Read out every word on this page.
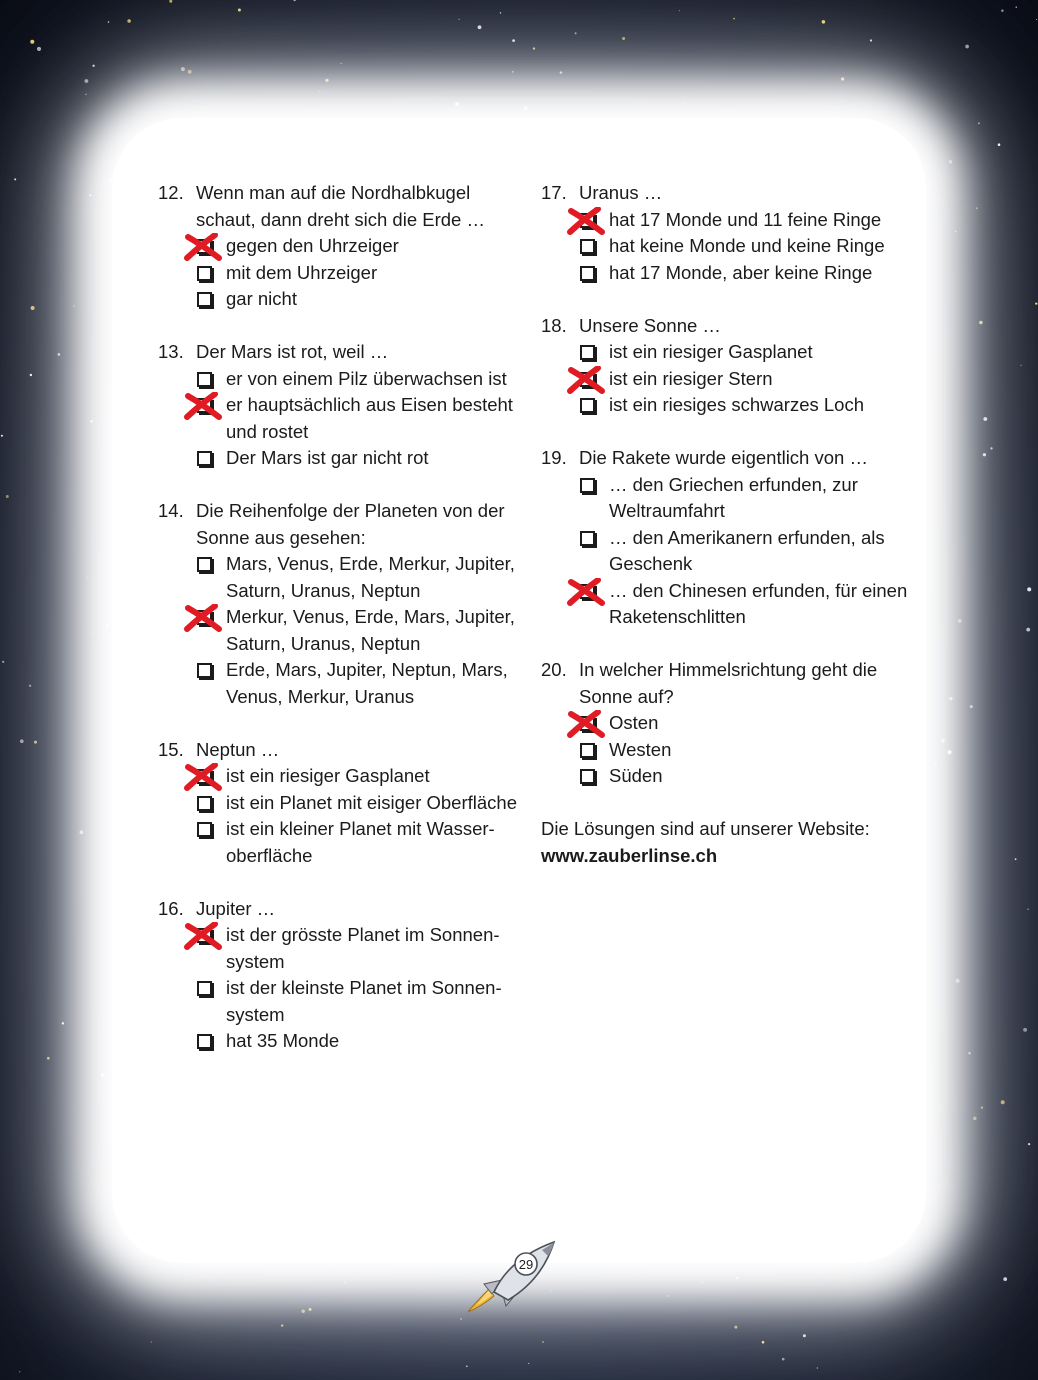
12. Wenn man auf die Nordhalbkugel schaut, dann dreht sich die Erde …
gegen den Uhrzeiger
mit dem Uhrzeiger
gar nicht
13. Der Mars ist rot, weil …
er von einem Pilz überwachsen ist
er hauptsächlich aus Eisen besteht und rostet
Der Mars ist gar nicht rot
14. Die Reihenfolge der Planeten von der Sonne aus gesehen:
Mars, Venus, Erde, Merkur, Jupiter, Saturn, Uranus, Neptun
Merkur, Venus, Erde, Mars, Jupiter, Saturn, Uranus, Neptun
Erde, Mars, Jupiter, Neptun, Mars, Venus, Merkur, Uranus
15. Neptun …
ist ein riesiger Gasplanet
ist ein Planet mit eisiger Oberfläche
ist ein kleiner Planet mit Wasseroberfläche
16. Jupiter …
ist der grösste Planet im Sonnensystem
ist der kleinste Planet im Sonnensystem
hat 35 Monde
17. Uranus …
hat 17 Monde und 11 feine Ringe
hat keine Monde und keine Ringe
hat 17 Monde, aber keine Ringe
18. Unsere Sonne …
ist ein riesiger Gasplanet
ist ein riesiger Stern
ist ein riesiges schwarzes Loch
19. Die Rakete wurde eigentlich von …
… den Griechen erfunden, zur Weltraumfahrt
… den Amerikanern erfunden, als Geschenk
… den Chinesen erfunden, für einen Raketenschlitten
20. In welcher Himmelsrichtung geht die Sonne auf?
Osten
Westen
Süden
Die Lösungen sind auf unserer Website:
www.zauberlinse.ch
29
